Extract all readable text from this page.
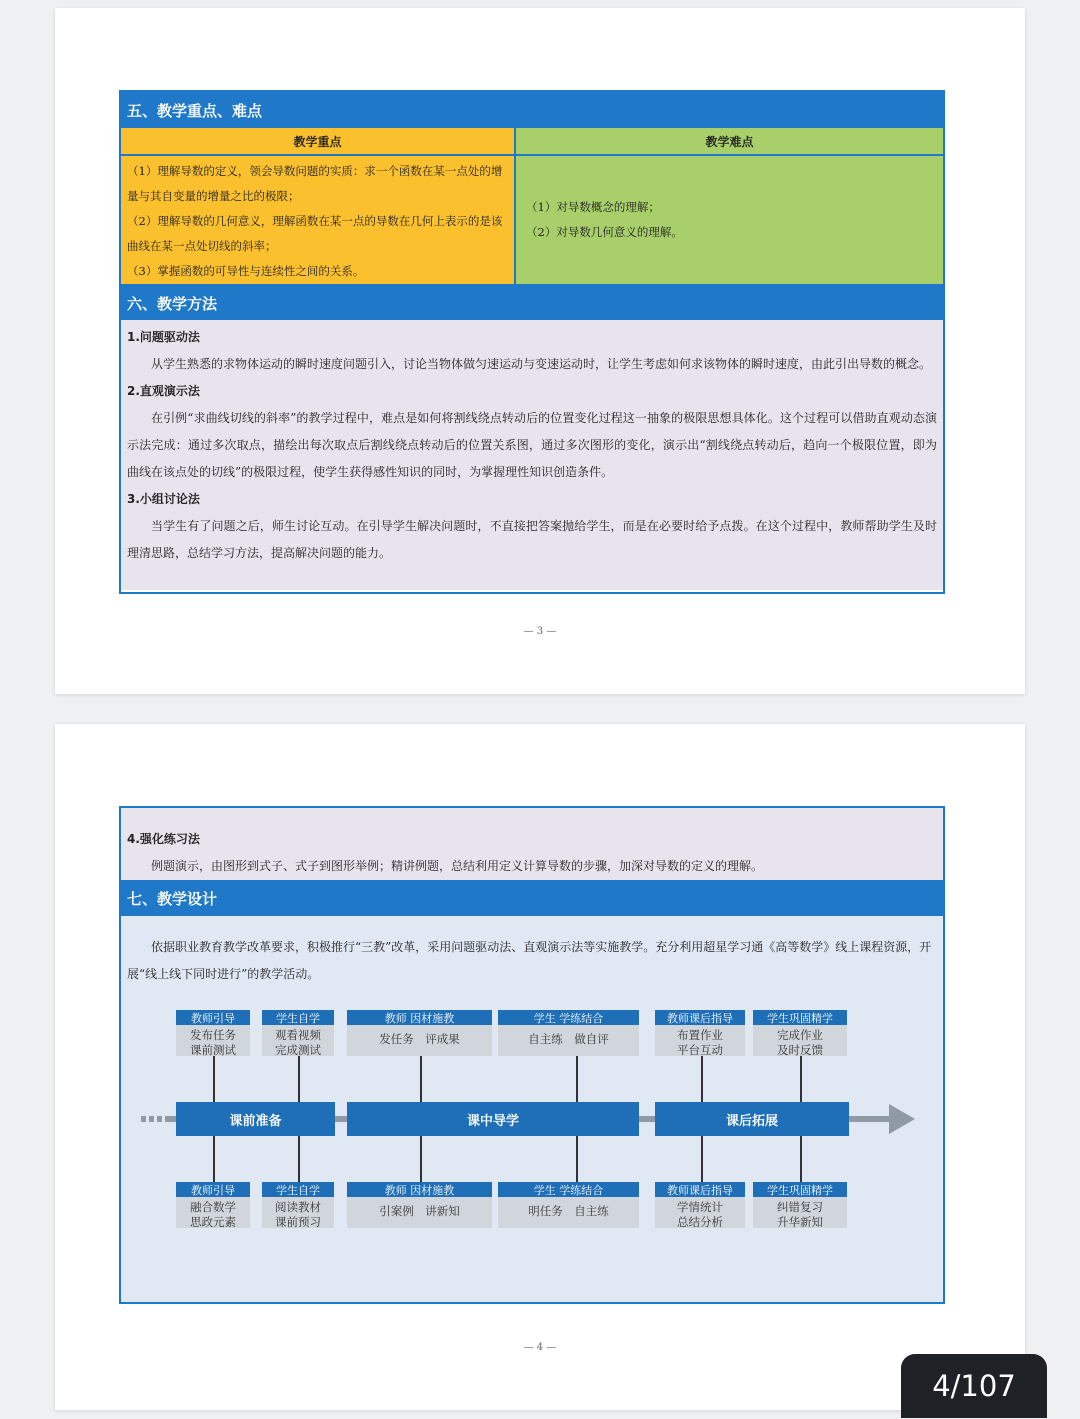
五、教学重点、难点
教学重点
（1）理解导数的定义，领会导数问题的实质：求一个函数在某一点处的增量与其自变量的增量之比的极限；
（2）理解导数的几何意义，理解函数在某一点的导数在几何上表示的是该曲线在某一点处切线的斜率；
（3）掌握函数的可导性与连续性之间的关系。
教学难点
（1）对导数概念的理解；
（2）对导数几何意义的理解。
六、教学方法
1.问题驱动法
从学生熟悉的求物体运动的瞬时速度问题引入，讨论当物体做匀速运动与变速运动时，让学生考虑如何求该物体的瞬时速度，由此引出导数的概念。
2.直观演示法
在引例“求曲线切线的斜率”的教学过程中，难点是如何将割线绕点转动后的位置变化过程这一抽象的极限思想具体化。这个过程可以借助直观动态演示法完成：通过多次取点，描绘出每次取点后割线绕点转动后的位置关系图，通过多次图形的变化，演示出“割线绕点转动后，趋向一个极限位置，即为曲线在该点处的切线”的极限过程，使学生获得感性知识的同时，为掌握理性知识创造条件。
3.小组讨论法
当学生有了问题之后，师生讨论互动。在引导学生解决问题时，不直接把答案抛给学生，而是在必要时给予点拨。在这个过程中，教师帮助学生及时理清思路，总结学习方法，提高解决问题的能力。
— 3 —
4.强化练习法
例题演示，由图形到式子、式子到图形举例；精讲例题，总结利用定义计算导数的步骤，加深对导数的定义的理解。
七、教学设计
依据职业教育教学改革要求，积极推行“三教”改革，采用问题驱动法、直观演示法等实施教学。充分利用超星学习通《高等数学》线上课程资源，开展“线上线下同时进行”的教学活动。
课前准备	课中导学	课后拓展
教师引导
发布任务
课前测试
学生自学
观看视频
完成测试
教师 因材施教
发任务　评成果
学生 学练结合
自主练　做自评
教师课后指导
布置作业
平台互动
学生巩固精学
完成作业
及时反馈
教师引导
融合数学
思政元素
学生自学
阅读教材
课前预习
教师 因材施教
引案例　讲新知
学生 学练结合
明任务　自主练
教师课后指导
学情统计
总结分析
学生巩固精学
纠错复习
升华新知
— 4 —
4/107
